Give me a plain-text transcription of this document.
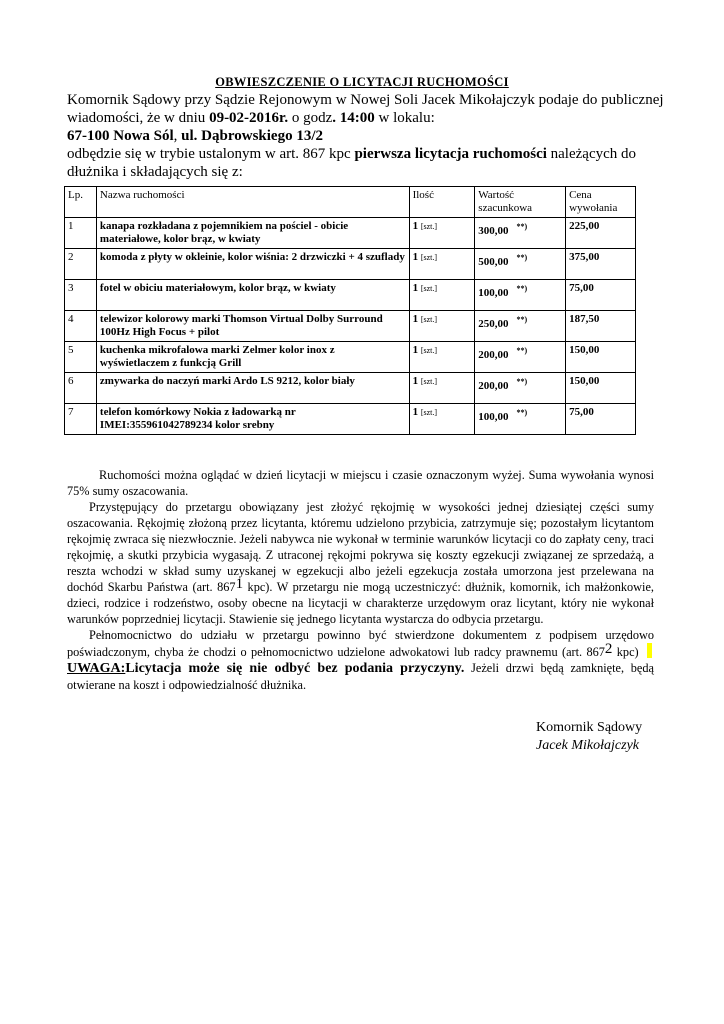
OBWIESZCZENIE O LICYTACJI RUCHOMOŚCI
Komornik Sądowy przy Sądzie Rejonowym w Nowej Soli Jacek Mikołajczyk podaje do publicznej
wiadomości, że w dniu 09-02-2016r. o godz. 14:00 w lokalu:
67-100 Nowa Sól, ul. Dąbrowskiego 13/2
odbędzie się w trybie ustalonym w art. 867 kpc pierwsza licytacja ruchomości należących do
dłużnika i składających się z:
Lp.	Nazwa ruchomości	Ilość	Wartość szacunkowa	Cena wywołania
1	kanapa rozkładana z pojemnikiem na pościel - obicie materiałowe, kolor brąz, w kwiaty	1 [szt.]	300,00 **)	225,00
2	komoda z płyty w okleinie, kolor wiśnia: 2 drzwiczki + 4 szuflady	1 [szt.]	500,00 **)	375,00
3	fotel w obiciu materiałowym, kolor brąz, w kwiaty	1 [szt.]	100,00 **)	75,00
4	telewizor kolorowy marki Thomson Virtual Dolby Surround 100Hz High Focus + pilot	1 [szt.]	250,00 **)	187,50
5	kuchenka mikrofalowa marki Zelmer kolor inox z wyświetlaczem z funkcją Grill	1 [szt.]	200,00 **)	150,00
6	zmywarka do naczyń marki Ardo LS 9212, kolor biały	1 [szt.]	200,00 **)	150,00
7	telefon komórkowy Nokia z ładowarką nr IMEI:355961042789234 kolor srebny	1 [szt.]	100,00 **)	75,00

Ruchomości można oglądać w dzień licytacji w miejscu i czasie oznaczonym wyżej. Suma wywołania wynosi 75% sumy oszacowania.

Przystępujący do przetargu obowiązany jest złożyć rękojmię w wysokości jednej dziesiątej części sumy oszacowania. Rękojmię złożoną przez licytanta, któremu udzielono przybicia, zatrzymuje się; pozostałym licytantom rękojmię zwraca się niezwłocznie. Jeżeli nabywca nie wykonał w terminie warunków licytacji co do zapłaty ceny, traci rękojmię, a skutki przybicia wygasają. Z utraconej rękojmi pokrywa się koszty egzekucji związanej ze sprzedażą, a reszta wchodzi w skład sumy uzyskanej w egzekucji albo jeżeli egzekucja została umorzona jest przelewana na dochód Skarbu Państwa (art. $867^1$ kpc). W przetargu nie mogą uczestniczyć: dłużnik, komornik, ich małżonkowie, dzieci, rodzice i rodzeństwo, osoby obecne na licytacji w charakterze urzędowym oraz licytant, który nie wykonał warunków poprzedniej licytacji. Stawienie się jednego licytanta wystarcza do odbycia przetargu.

Pełnomocnictwo do udziału w przetargu powinno być stwierdzone dokumentem z podpisem urzędowo poświadczonym, chyba że chodzi o pełnomocnictwo udzielone adwokatowi lub radcy prawnemu (art. $867^2$ kpc) UWAGA:Licytacja może się nie odbyć bez podania przyczyny. Jeżeli drzwi będą zamknięte, będą otwierane na koszt i odpowiedzialność dłużnika.

Komornik Sądowy
Jacek Mikołajczyk
